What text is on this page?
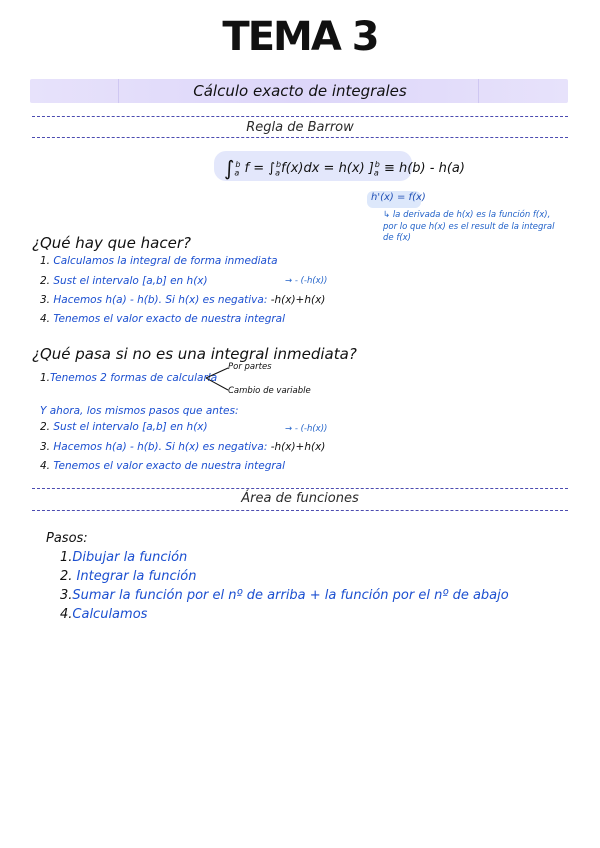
TEMA 3
Cálculo exacto de integrales
Regla de Barrow
$\int_a^b$ $f = \int_a^bf(x)dx = h(x) ]_a^b \equiv h(b) - h(a)$
h'(x) = f(x)
↳ la derivada de h(x) es la función f(x), por lo que h(x) es el result de la integral de f(x)
¿Qué hay que hacer?
1. Calculamos la integral de forma inmediata
2. Sust el intervalo [a,b] en h(x)	→ - (-h(x))
3. Hacemos h(a) - h(b). Si h(x) es negativa: -h(x)+h(x)
4. Tenemos el valor exacto de nuestra integral
¿Qué pasa si no es una integral inmediata?
1.Tenemos 2 formas de calcularla
Por partes
Cambio de variable
Y ahora, los mismos pasos que antes:
→ - (-h(x))
2. Sust el intervalo [a,b] en h(x)
3. Hacemos h(a) - h(b). Si h(x) es negativa: -h(x)+h(x)
4. Tenemos el valor exacto de nuestra integral
Área de funciones
Pasos:
1.Dibujar la función
2. Integrar la función
3.Sumar la función por el nº de arriba + la función por el nº de abajo
4.Calculamos
